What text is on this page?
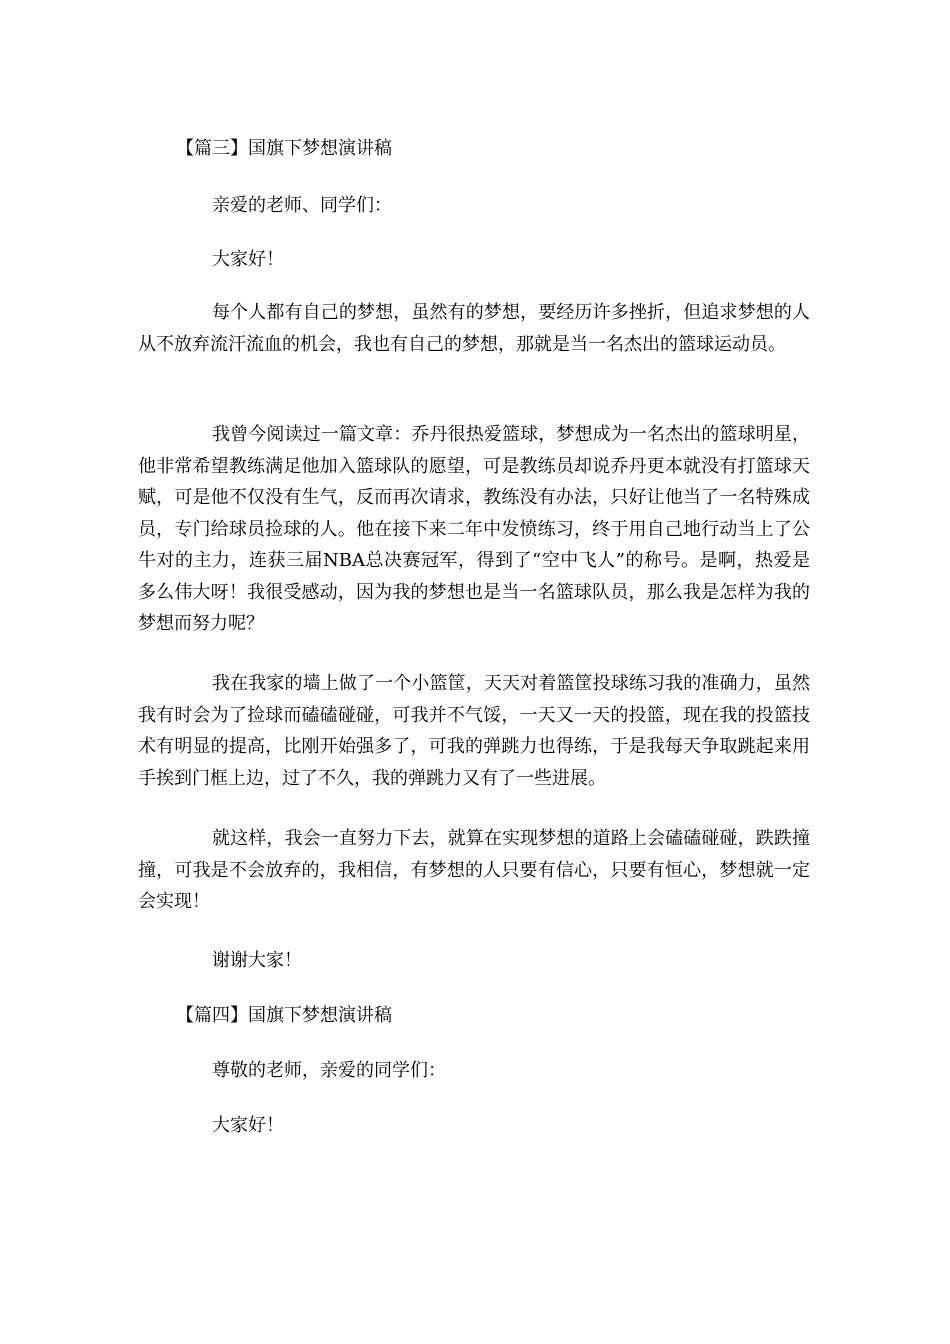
【篇三】国旗下梦想演讲稿
亲爱的老师、同学们：
大家好！
每个人都有自己的梦想，虽然有的梦想，要经历许多挫折，但追求梦想的人从不放弃流汗流血的机会，我也有自己的梦想，那就是当一名杰出的篮球运动员。
我曾今阅读过一篇文章：乔丹很热爱篮球，梦想成为一名杰出的篮球明星，他非常希望教练满足他加入篮球队的愿望，可是教练员却说乔丹更本就没有打篮球天赋，可是他不仅没有生气，反而再次请求，教练没有办法，只好让他当了一名特殊成员，专门给球员捡球的人。他在接下来二年中发愤练习，终于用自己地行动当上了公牛对的主力，连获三届NBA总决赛冠军，得到了“空中飞人”的称号。是啊，热爱是多么伟大呀！我很受感动，因为我的梦想也是当一名篮球队员，那么我是怎样为我的梦想而努力呢？
我在我家的墙上做了一个小篮筐，天天对着篮筐投球练习我的准确力，虽然我有时会为了捡球而磕磕碰碰，可我并不气馁，一天又一天的投篮，现在我的投篮技术有明显的提高，比刚开始强多了，可我的弹跳力也得练，于是我每天争取跳起来用手挨到门框上边，过了不久，我的弹跳力又有了一些进展。
就这样，我会一直努力下去，就算在实现梦想的道路上会磕磕碰碰，跌跌撞撞，可我是不会放弃的，我相信，有梦想的人只要有信心，只要有恒心，梦想就一定会实现！
谢谢大家！
【篇四】国旗下梦想演讲稿
尊敬的老师，亲爱的同学们：
大家好！
